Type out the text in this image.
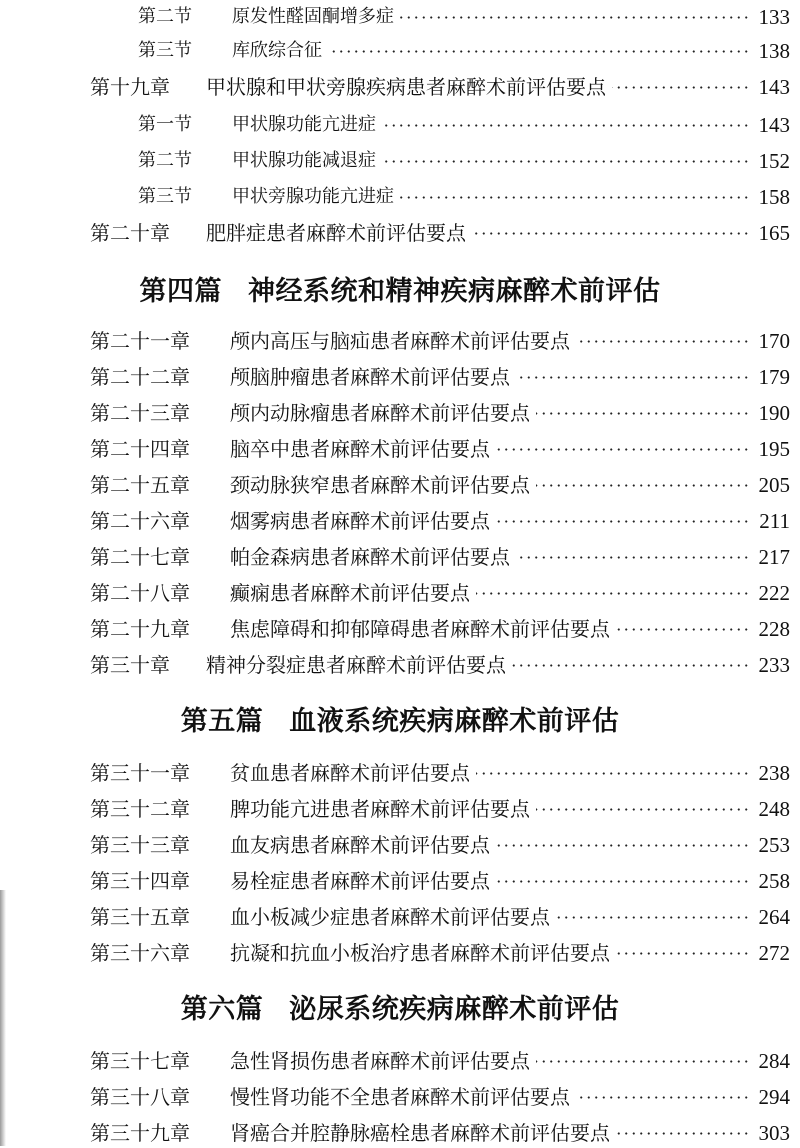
第二节 原发性醛固酮增多症	133
第三节 库欣综合征	138
第十九章 甲状腺和甲状旁腺疾病患者麻醉术前评估要点	143
第一节 甲状腺功能亢进症	143
第二节 甲状腺功能减退症	152
第三节 甲状旁腺功能亢进症	158
第二十章 肥胖症患者麻醉术前评估要点	165
第四篇 神经系统和精神疾病麻醉术前评估
第二十一章 颅内高压与脑疝患者麻醉术前评估要点	170
第二十二章 颅脑肿瘤患者麻醉术前评估要点	179
第二十三章 颅内动脉瘤患者麻醉术前评估要点	190
第二十四章 脑卒中患者麻醉术前评估要点	195
第二十五章 颈动脉狭窄患者麻醉术前评估要点	205
第二十六章 烟雾病患者麻醉术前评估要点	211
第二十七章 帕金森病患者麻醉术前评估要点	217
第二十八章 癫痫患者麻醉术前评估要点	222
第二十九章 焦虑障碍和抑郁障碍患者麻醉术前评估要点	228
第三十章 精神分裂症患者麻醉术前评估要点	233
第五篇 血液系统疾病麻醉术前评估
第三十一章 贫血患者麻醉术前评估要点	238
第三十二章 脾功能亢进患者麻醉术前评估要点	248
第三十三章 血友病患者麻醉术前评估要点	253
第三十四章 易栓症患者麻醉术前评估要点	258
第三十五章 血小板减少症患者麻醉术前评估要点	264
第三十六章 抗凝和抗血小板治疗患者麻醉术前评估要点	272
第六篇 泌尿系统疾病麻醉术前评估
第三十七章 急性肾损伤患者麻醉术前评估要点	284
第三十八章 慢性肾功能不全患者麻醉术前评估要点	294
第三十九章 肾癌合并腔静脉癌栓患者麻醉术前评估要点	303
